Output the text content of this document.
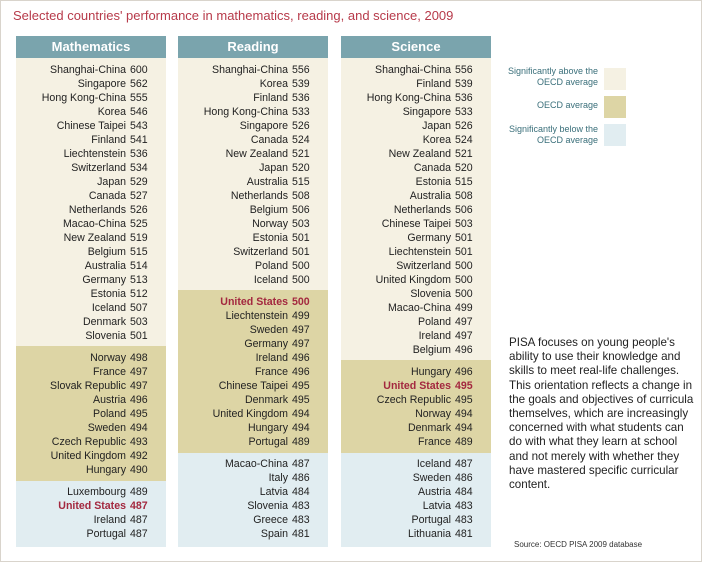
Selected countries' performance in mathematics, reading, and science, 2009
Mathematics
Shanghai-China 600
Singapore 562
Hong Kong-China 555
Korea 546
Chinese Taipei 543
Finland 541
Liechtenstein 536
Switzerland 534
Japan 529
Canada 527
Netherlands 526
Macao-China 525
New Zealand 519
Belgium 515
Australia 514
Germany 513
Estonia 512
Iceland 507
Denmark 503
Slovenia 501
Norway 498
France 497
Slovak Republic 497
Austria 496
Poland 495
Sweden 494
Czech Republic 493
United Kingdom 492
Hungary 490
Luxembourg 489
United States 487
Ireland 487
Portugal 487
Reading
Shanghai-China 556
Korea 539
Finland 536
Hong Kong-China 533
Singapore 526
Canada 524
New Zealand 521
Japan 520
Australia 515
Netherlands 508
Belgium 506
Norway 503
Estonia 501
Switzerland 501
Poland 500
Iceland 500
United States 500
Liechtenstein 499
Sweden 497
Germany 497
Ireland 496
France 496
Chinese Taipei 495
Denmark 495
United Kingdom 494
Hungary 494
Portugal 489
Macao-China 487
Italy 486
Latvia 484
Slovenia 483
Greece 483
Spain 481
Science
Shanghai-China 556
Finland 539
Hong Kong-China 536
Singapore 533
Japan 526
Korea 524
New Zealand 521
Canada 520
Estonia 515
Australia 508
Netherlands 506
Chinese Taipei 503
Germany 501
Liechtenstein 501
Switzerland 500
United Kingdom 500
Slovenia 500
Macao-China 499
Poland 497
Ireland 497
Belgium 496
Hungary 496
United States 495
Czech Republic 495
Norway 494
Denmark 494
France 489
Iceland 487
Sweden 486
Austria 484
Latvia 483
Portugal 483
Lithuania 481
Significantly above the OECD average
OECD average
Significantly below the OECD average
PISA focuses on young people's ability to use their knowledge and skills to meet real-life challenges. This orientation reflects a change in the goals and objectives of curricula themselves, which are increasingly concerned with what students can do with what they learn at school and not merely with whether they have mastered specific curricular content.
Source: OECD PISA 2009 database
